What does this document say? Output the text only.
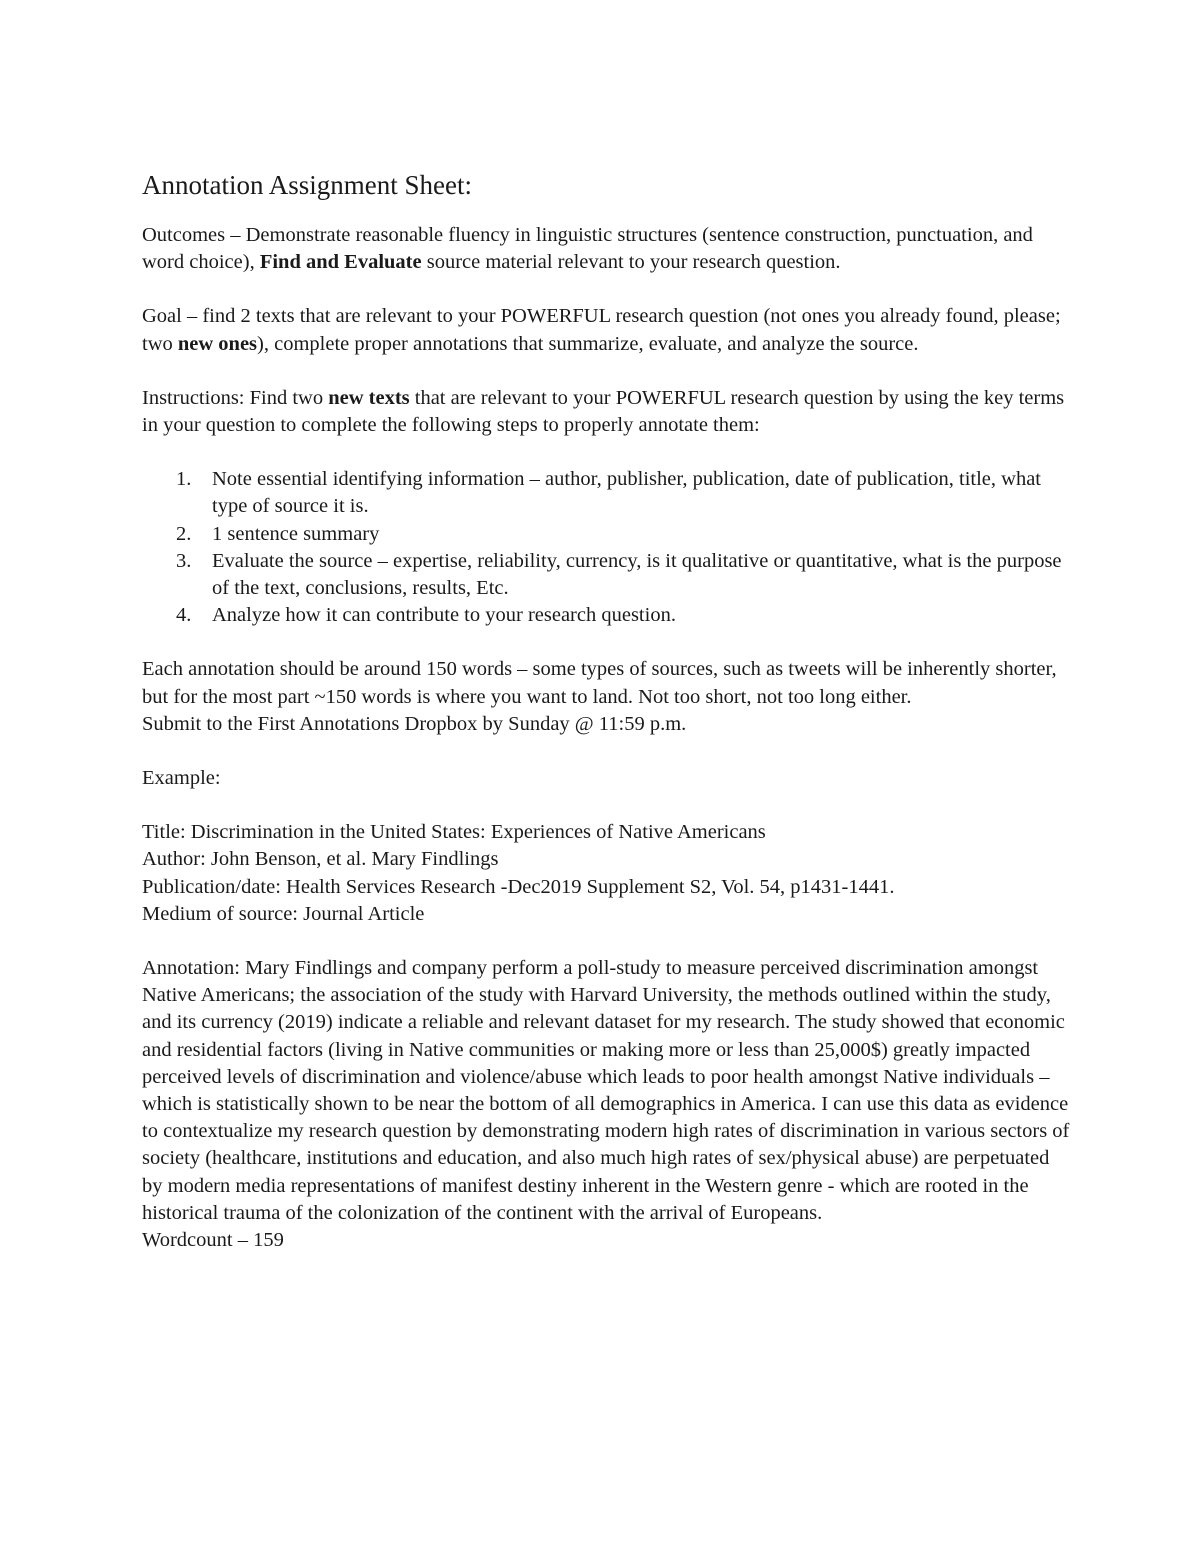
Annotation Assignment Sheet:

Outcomes – Demonstrate reasonable fluency in linguistic structures (sentence construction, punctuation, and word choice), Find and Evaluate source material relevant to your research question.

Goal – find 2 texts that are relevant to your POWERFUL research question (not ones you already found, please; two new ones), complete proper annotations that summarize, evaluate, and analyze the source.

Instructions: Find two new texts that are relevant to your POWERFUL research question by using the key terms in your question to complete the following steps to properly annotate them:

1. Note essential identifying information – author, publisher, publication, date of publication, title, what type of source it is.
2. 1 sentence summary
3. Evaluate the source – expertise, reliability, currency, is it qualitative or quantitative, what is the purpose of the text, conclusions, results, Etc.
4. Analyze how it can contribute to your research question.

Each annotation should be around 150 words – some types of sources, such as tweets will be inherently shorter, but for the most part ~150 words is where you want to land. Not too short, not too long either.

Submit to the First Annotations Dropbox by Sunday @ 11:59 p.m.

Example:

Title: Discrimination in the United States: Experiences of Native Americans

Author: John Benson, et al. Mary Findlings

Publication/date: Health Services Research -Dec2019 Supplement S2, Vol. 54, p1431-1441.

Medium of source: Journal Article

Annotation: Mary Findlings and company perform a poll-study to measure perceived discrimination amongst Native Americans; the association of the study with Harvard University, the methods outlined within the study, and its currency (2019) indicate a reliable and relevant dataset for my research. The study showed that economic and residential factors (living in Native communities or making more or less than 25,000$) greatly impacted perceived levels of discrimination and violence/abuse which leads to poor health amongst Native individuals – which is statistically shown to be near the bottom of all demographics in America. I can use this data as evidence to contextualize my research question by demonstrating modern high rates of discrimination in various sectors of society (healthcare, institutions and education, and also much high rates of sex/physical abuse) are perpetuated by modern media representations of manifest destiny inherent in the Western genre - which are rooted in the historical trauma of the colonization of the continent with the arrival of Europeans.

Wordcount – 159
